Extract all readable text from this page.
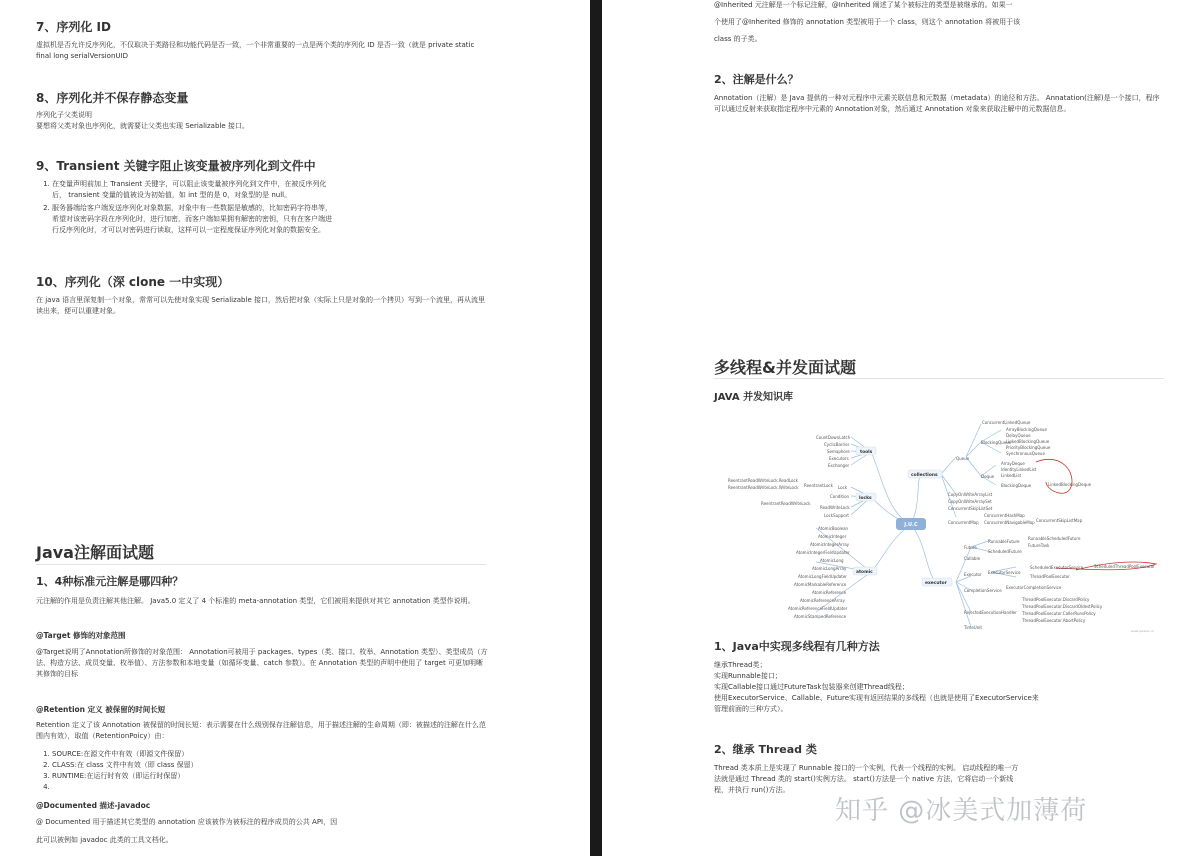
7、序列化 ID
虚拟机是否允许反序列化，不仅取决于类路径和功能代码是否一致，一个非常重要的一点是两个类的序列化 ID 是否一致（就是 private static final long serialVersionUID
8、序列化并不保存静态变量
序列化子父类说明
要想将父类对象也序列化，就需要让父类也实现 Serializable 接口。
9、Transient 关键字阻止该变量被序列化到文件中
1. 在变量声明前加上 Transient 关键字，可以阻止该变量被序列化到文件中，在被反序列化后， transient 变量的值被设为初始值，如 int 型的是 0，对象型的是 null。
2. 服务器端给客户端发送序列化对象数据，对象中有一些数据是敏感的，比如密码字符串等，希望对该密码字段在序列化时，进行加密，而客户端如果拥有解密的密钥，只有在客户端进行反序列化时，才可以对密码进行读取，这样可以一定程度保证序列化对象的数据安全。
10、序列化（深 clone 一中实现）
在 java 语言里深复制一个对象，常常可以先使对象实现 Serializable 接口，然后把对象（实际上只是对象的一个拷贝）写到一个流里，再从流里读出来，便可以重建对象。
Java注解面试题
1、4种标准元注解是哪四种？
元注解的作用是负责注解其他注解。 Java5.0 定义了 4 个标准的 meta-annotation 类型，它们被用来提供对其它 annotation 类型作说明。
@Target 修饰的对象范围
@Target说明了Annotation所修饰的对象范围： Annotation可被用于 packages、types（类、接口、枚举、Annotation 类型）、类型成员（方法、构造方法、成员变量、枚举值）、方法参数和本地变量（如循环变量、catch 参数）。在 Annotation 类型的声明中使用了 target 可更加明晰其修饰的目标
@Retention 定义 被保留的时间长短
Retention 定义了该 Annotation 被保留的时间长短：表示需要在什么级别保存注解信息，用于描述注解的生命周期（即：被描述的注解在什么范围内有效），取值（RetentionPoicy）由：
1. SOURCE:在源文件中有效（即源文件保留）
2. CLASS:在 class 文件中有效（即 class 保留）
3. RUNTIME:在运行时有效（即运行时保留）
4.
@Documented 描述-javadoc
@ Documented 用于描述其它类型的 annotation 应该被作为被标注的程序成员的公共 API，因
此可以被例如 javadoc 此类的工具文档化。
@Inherited 元注解是一个标记注解，@Inherited 阐述了某个被标注的类型是被继承的。如果一
个使用了@Inherited 修饰的 annotation 类型被用于一个 class，则这个 annotation 将被用于该
class 的子类。
2、注解是什么？
Annotation（注解）是 Java 提供的一种对元程序中元素关联信息和元数据（metadata）的途径和方法。 Annatation(注解)是一个接口，程序可以通过反射来获取指定程序中元素的 Annotation对象，然后通过 Annotation 对象来获取注解中的元数据信息。
多线程&并发面试题
JAVA 并发知识库
J.U.C
tools
locks
atomic
collections
executor
CountDownLatch
CyclicBarrier
Semaphore
Executors
Exchanger
Lock
Condition
ReadWriteLock
LockSupport
ReentrantReadWriteLock.ReadLock
ReentrantReadWriteLock.WriteLock ReentrantLock
ReentrantReadWriteLock
AtomicBoolean
AtomicInteger
AtomicIntegerArray
AtomicIntegerFieldUpdater
AtomicLong
AtomicLongArray
AtomicLongFieldUpdater
AtomicMarkableReference
AtomicReference
AtomicReferenceArray
AtomicReferenceFieldUpdater
AtomicStampedReference
Queue
ConcurrentLinkedQueue
BlockingQueue
Deque
ArrayBlockingQueue
DelayQueue
LinkedBlockingQueue
PriorityBlockingQueue
SynchronousQueue
ArrayDeque
IdentityLinkedList
LinkedList
BlockingDeque	LinkedBlockingDeque
CopyOnWriteArrayList
CopyOnWriteArraySet
ConcurrentSkipListSet
ConcurrentMap
ConcurrentHashMap
ConcurrentNavigableMap ConcurrentSkipListMap
Future
Callable
Executor
CompletionService
RejectedExecutionHandler
TimeUnit
RunnableFuture
ScheduledFuture
RunnableScheduledFuture
FutureTask
ExecutorService
ScheduledExecutorService
ThreadPoolExecutor
ScheduledThreadPoolExecutor
ExecutorCompletionService
ThreadPoolExecutor.DiscardPolicy
ThreadPoolExecutor.DiscardOldestPolicy
ThreadPoolExecutor.CallerRunsPolicy
ThreadPoolExecutor.AbortPolicy
www.javanb.cn
1、Java中实现多线程有几种方法
继承Thread类；
实现Runnable接口；
实现Callable接口通过FutureTask包装器来创建Thread线程；
使用ExecutorService、Callable、Future实现有返回结果的多线程（也就是使用了ExecutorService来
管理前面的三种方式）。
2、继承 Thread 类
Thread 类本质上是实现了 Runnable 接口的一个实例，代表一个线程的实例。 启动线程的唯一方
法就是通过 Thread 类的 start()实例方法。 start()方法是一个 native 方法，它将启动一个新线
程，并执行 run()方法。
知乎 @冰美式加薄荷
